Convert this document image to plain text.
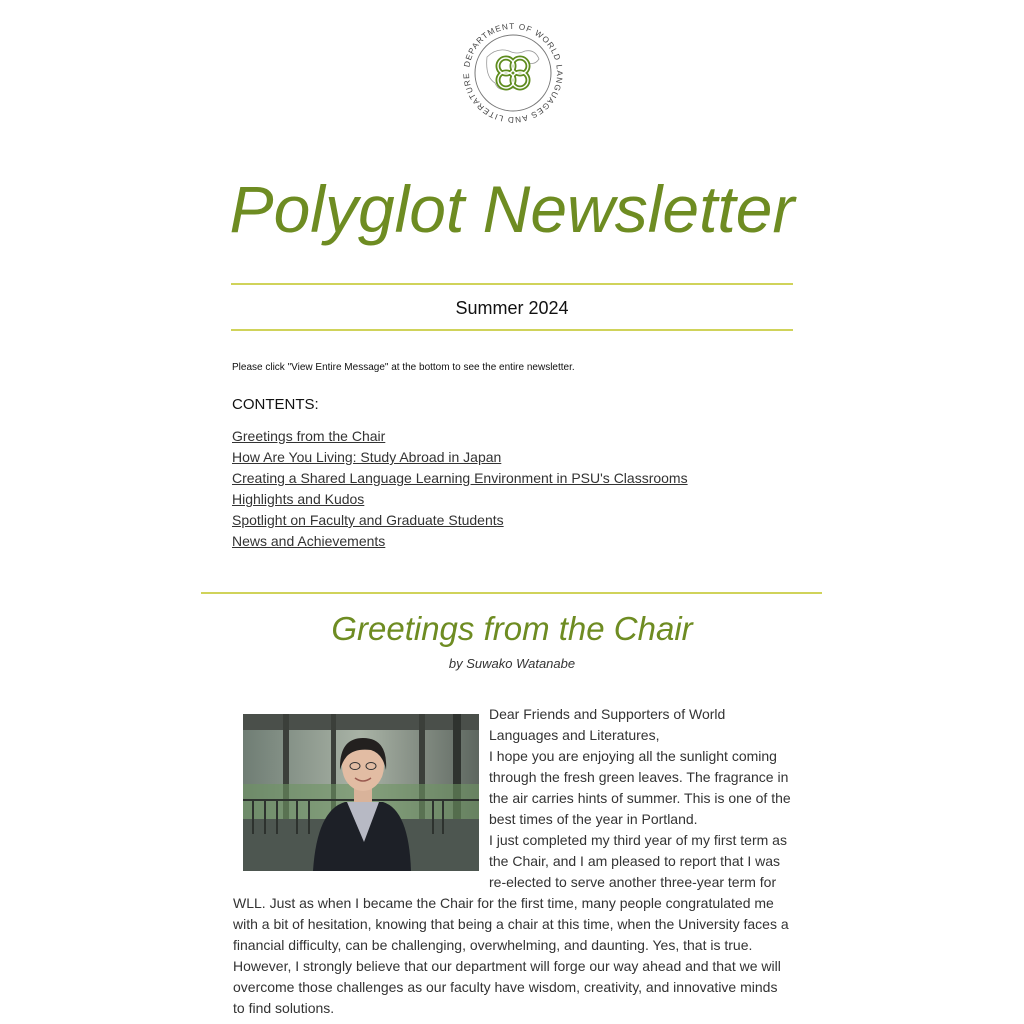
DEPARTMENT OF WORLD LANGUAGES AND LITERATURE
Polyglot Newsletter
Summer 2024
Please click "View Entire Message" at the bottom to see the entire newsletter.
CONTENTS:
Greetings from the Chair
How Are You Living: Study Abroad in Japan
Creating a Shared Language Learning Environment in PSU's Classrooms
Highlights and Kudos
Spotlight on Faculty and Graduate Students
News and Achievements
Greetings from the Chair
by Suwako Watanabe

Dear Friends and Supporters of World Languages and Literatures,

I hope you are enjoying all the sunlight coming through the fresh green leaves. The fragrance in the air carries hints of summer. This is one of the best times of the year in Portland.

I just completed my third year of my first term as the Chair, and I am pleased to report that I was re-elected to serve another three-year term for WLL. Just as when I became the Chair for the first time, many people congratulated me with a bit of hesitation, knowing that being a chair at this time, when the University faces a financial difficulty, can be challenging, overwhelming, and daunting. Yes, that is true. However, I strongly believe that our department will forge our way ahead and that we will overcome those challenges as our faculty have wisdom, creativity, and innovative minds to find solutions.
